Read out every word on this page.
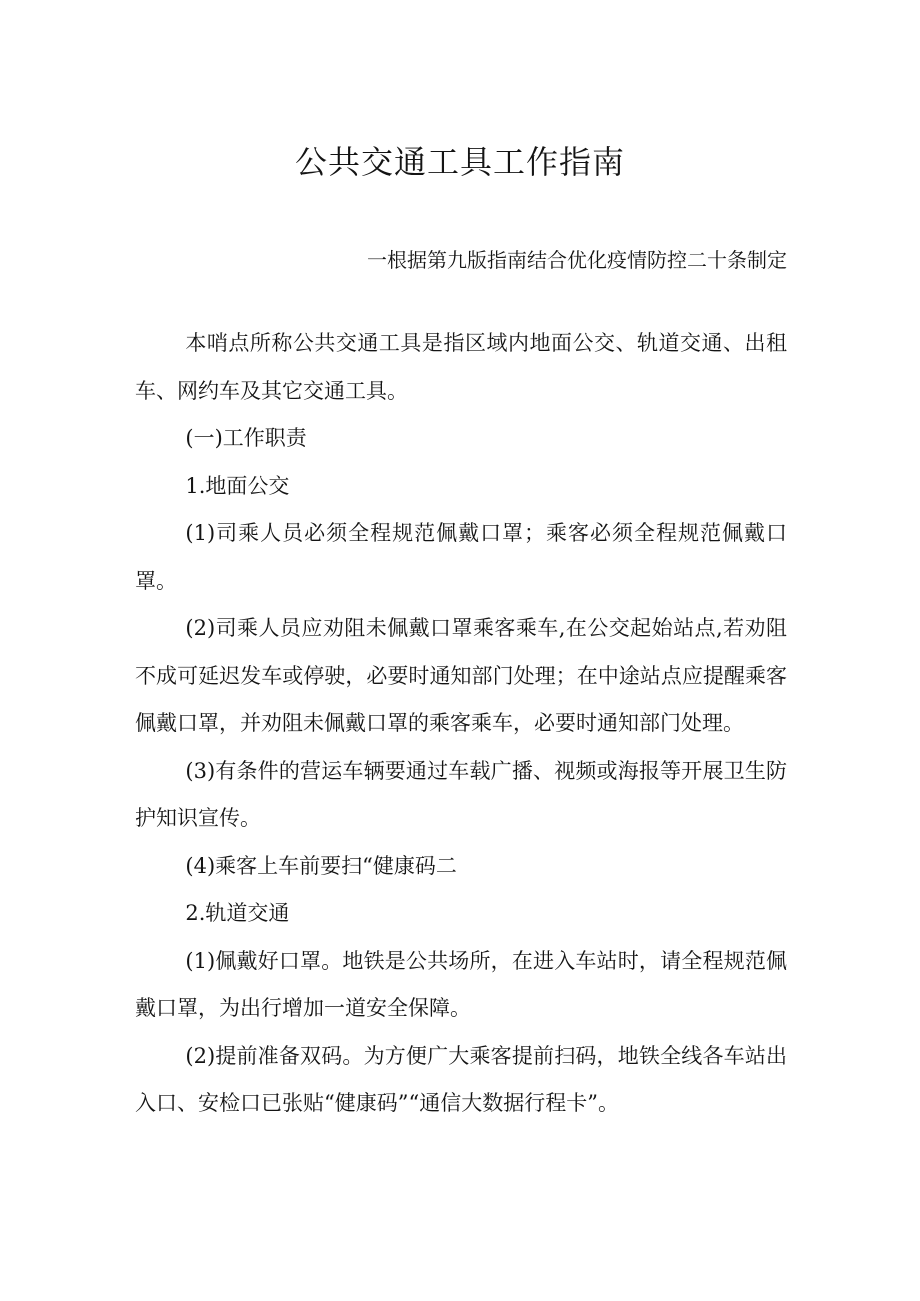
公共交通工具工作指南
一根据第九版指南结合优化疫情防控二十条制定

本哨点所称公共交通工具是指区域内地面公交、轨道交通、出租车、网约车及其它交通工具。

(一)工作职责

1.地面公交

(1)司乘人员必须全程规范佩戴口罩；乘客必须全程规范佩戴口罩。

(2)司乘人员应劝阻未佩戴口罩乘客乘车,在公交起始站点,若劝阻不成可延迟发车或停驶，必要时通知部门处理；在中途站点应提醒乘客佩戴口罩，并劝阻未佩戴口罩的乘客乘车，必要时通知部门处理。

(3)有条件的营运车辆要通过车载广播、视频或海报等开展卫生防护知识宣传。

(4)乘客上车前要扫“健康码二

2.轨道交通

(1)佩戴好口罩。地铁是公共场所，在进入车站时，请全程规范佩戴口罩，为出行增加一道安全保障。

(2)提前准备双码。为方便广大乘客提前扫码，地铁全线各车站出入口、安检口已张贴“健康码”“通信大数据行程卡”。
